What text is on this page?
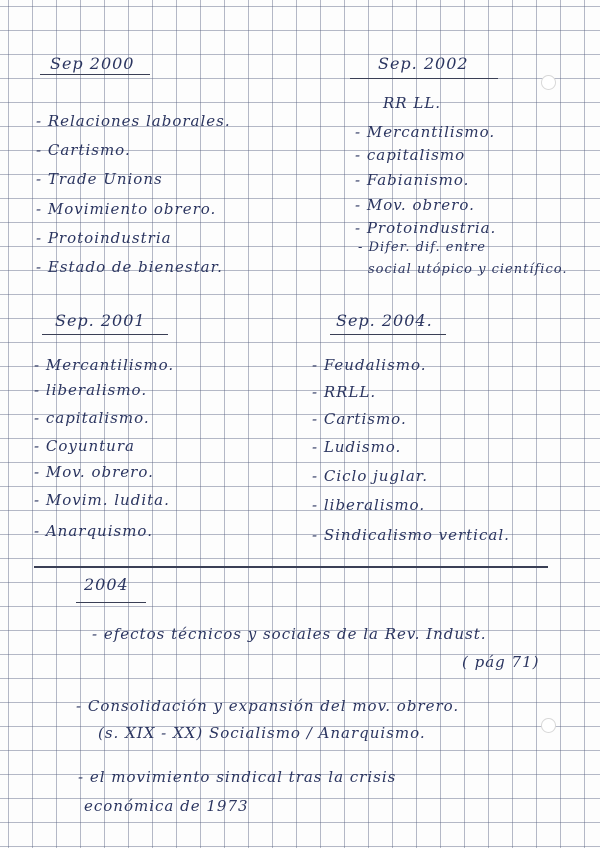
Sep 2000

- Relaciones laborales.
- Cartismo.
- Trade Unions
- Movimiento obrero.
- Protoindustria
- Estado de bienestar.

Sep. 2002

RR LL.
- Mercantilismo.
- capitalismo
- Fabianismo.
- Mov. obrero.
- Protoindustria.

- Difer. dif. entre

social utópico y científico.

Sep. 2001

- Mercantilismo.
- liberalismo.
- capitalismo.
- Coyuntura
- Mov. obrero.
- Movim. ludita.
- Anarquismo.

Sep. 2004.

- Feudalismo.
- RRLL.
- Cartismo.
- Ludismo.
- Ciclo juglar.
- liberalismo.
- Sindicalismo vertical.

2004

- efectos técnicos y sociales de la Rev. Indust.

( pág 71)

- Consolidación y expansión del mov. obrero.

(s. XIX - XX) Socialismo / Anarquismo.

- el movimiento sindical tras la crisis

económica de 1973
